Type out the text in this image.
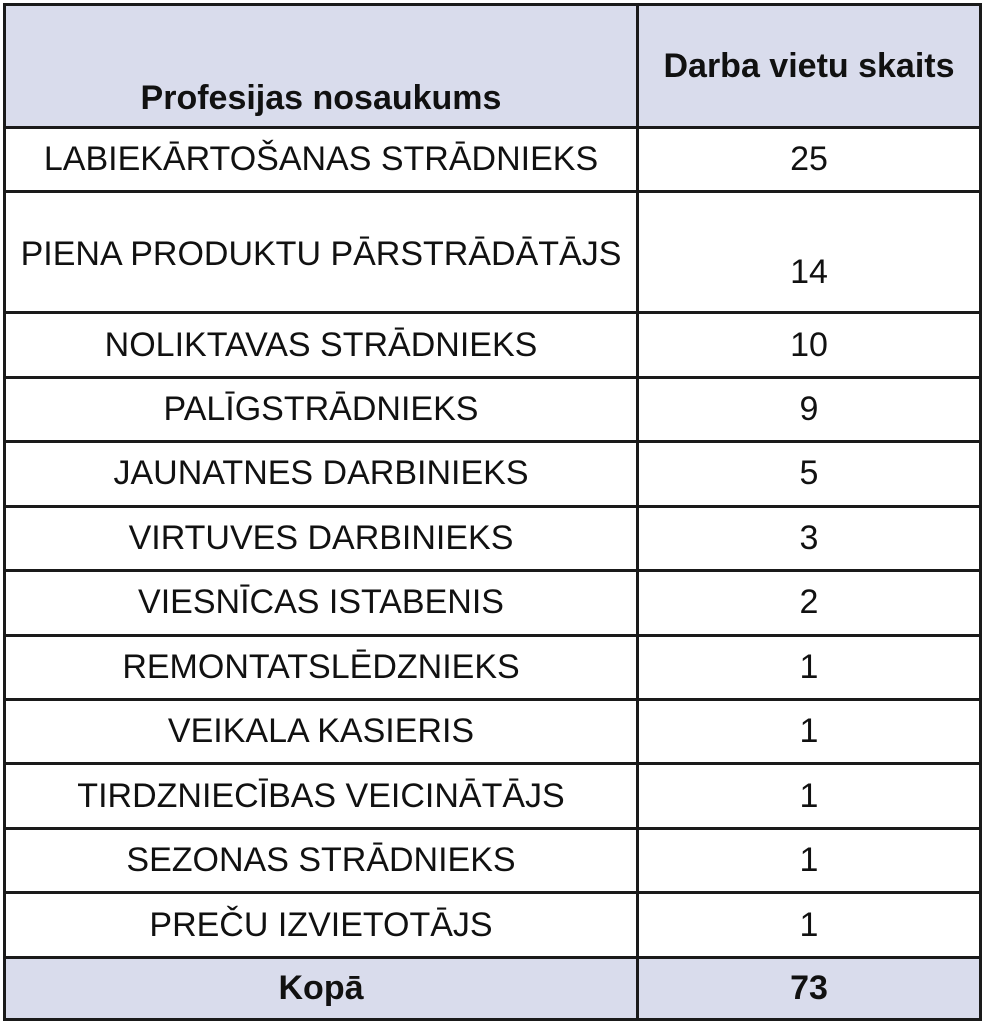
Profesijas nosaukums	Darba vietu skaits
LABIEKĀRTOŠANAS STRĀDNIEKS	25
PIENA PRODUKTU PĀRSTRĀDĀTĀJS	14
NOLIKTAVAS STRĀDNIEKS	10
PALĪGSTRĀDNIEKS	9
JAUNATNES DARBINIEKS	5
VIRTUVES DARBINIEKS	3
VIESNĪCAS ISTABENIS	2
REMONTATSLĒDZNIEKS	1
VEIKALA KASIERIS	1
TIRDZNIECĪBAS VEICINĀTĀJS	1
SEZONAS STRĀDNIEKS	1
PREČU IZVIETOTĀJS	1
Kopā	73
